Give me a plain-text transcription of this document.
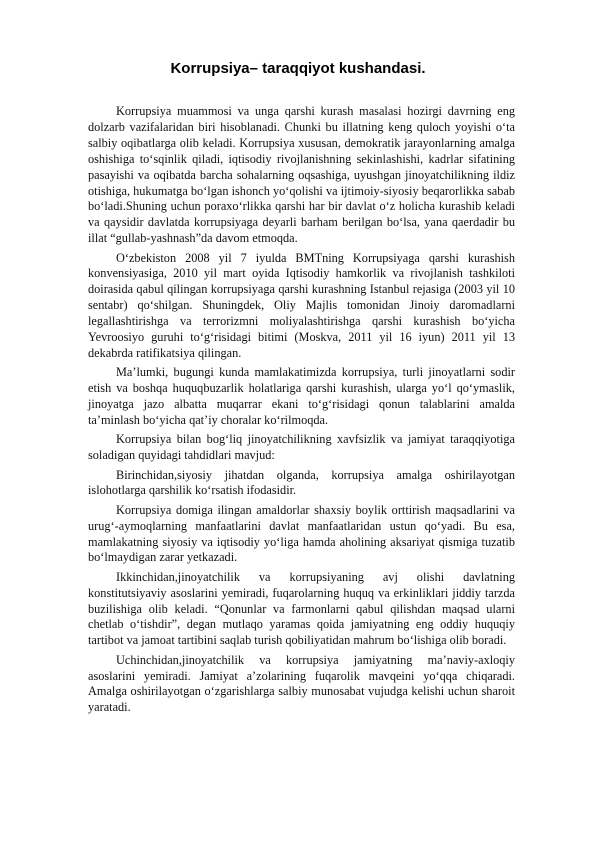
Korrupsiya– taraqqiyot kushandasi.

Korrupsiya muammosi va unga qarshi kurash masalasi hozirgi davrning eng dolzarb vazifalaridan biri hisoblanadi. Chunki bu illatning keng quloch yoyishi o‘ta salbiy oqibatlarga olib keladi. Korrupsiya xususan, demokratik jarayonlarning amalga oshishiga to‘sqinlik qiladi, iqtisodiy rivojlanishning sekinlashishi, kadrlar sifatining pasayishi va oqibatda barcha sohalarning oqsashiga, uyushgan jinoyatchilikning ildiz otishiga, hukumatga bo‘lgan ishonch yo‘qolishi va ijtimoiy-siyosiy beqarorlikka sabab bo‘ladi.Shuning uchun poraxo‘rlikka qarshi har bir davlat o‘z holicha kurashib keladi va qaysidir davlatda korrupsiyaga deyarli barham berilgan bo‘lsa, yana qaerdadir bu illat “gullab-yashnash”da davom etmoqda.

O‘zbekiston 2008 yil 7 iyulda BMTning Korrupsiyaga qarshi kurashish konvensiyasiga, 2010 yil mart oyida Iqtisodiy hamkorlik va rivojlanish tashkiloti doirasida qabul qilingan korrupsiyaga qarshi kurashning Istanbul rejasiga (2003 yil 10 sentabr) qo‘shilgan. Shuningdek, Oliy Majlis tomonidan Jinoiy daromadlarni legallashtirishga va terrorizmni moliyalashtirishga qarshi kurashish bo‘yicha Yevroosiyo guruhi to‘g‘risidagi bitimi (Moskva, 2011 yil 16 iyun) 2011 yil 13 dekabrda ratifikatsiya qilingan.

Ma’lumki, bugungi kunda mamlakatimizda korrupsiya, turli jinoyatlarni sodir etish va boshqa huquqbuzarlik holatlariga qarshi kurashish, ularga yo‘l qo‘ymaslik, jinoyatga jazo albatta muqarrar ekani to‘g‘risidagi qonun talablarini amalda ta’minlash bo‘yicha qat’iy choralar ko‘rilmoqda.

Korrupsiya bilan bog‘liq jinoyatchilikning xavfsizlik va jamiyat taraqqiyotiga soladigan quyidagi tahdidlari mavjud:

Birinchidan,siyosiy jihatdan olganda, korrupsiya amalga oshirilayotgan islohotlarga qarshilik ko‘rsatish ifodasidir.

Korrupsiya domiga ilingan amaldorlar shaxsiy boylik orttirish maqsadlarini va urug‘-aymoqlarning manfaatlarini davlat manfaatlaridan ustun qo‘yadi. Bu esa, mamlakatning siyosiy va iqtisodiy yo‘liga hamda aholining aksariyat qismiga tuzatib bo‘lmaydigan zarar yetkazadi.

Ikkinchidan,jinoyatchilik va korrupsiyaning avj olishi davlatning konstitutsiyaviy asoslarini yemiradi, fuqarolarning huquq va erkinliklari jiddiy tarzda buzilishiga olib keladi. “Qonunlar va farmonlarni qabul qilishdan maqsad ularni chetlab o‘tishdir”, degan mutlaqo yaramas qoida jamiyatning eng oddiy huquqiy tartibot va jamoat tartibini saqlab turish qobiliyatidan mahrum bo‘lishiga olib boradi.

Uchinchidan,jinoyatchilik va korrupsiya jamiyatning ma’naviy-axloqiy asoslarini yemiradi. Jamiyat a’zolarining fuqarolik mavqeini yo‘qqa chiqaradi. Amalga oshirilayotgan o‘zgarishlarga salbiy munosabat vujudga kelishi uchun sharoit yaratadi.
